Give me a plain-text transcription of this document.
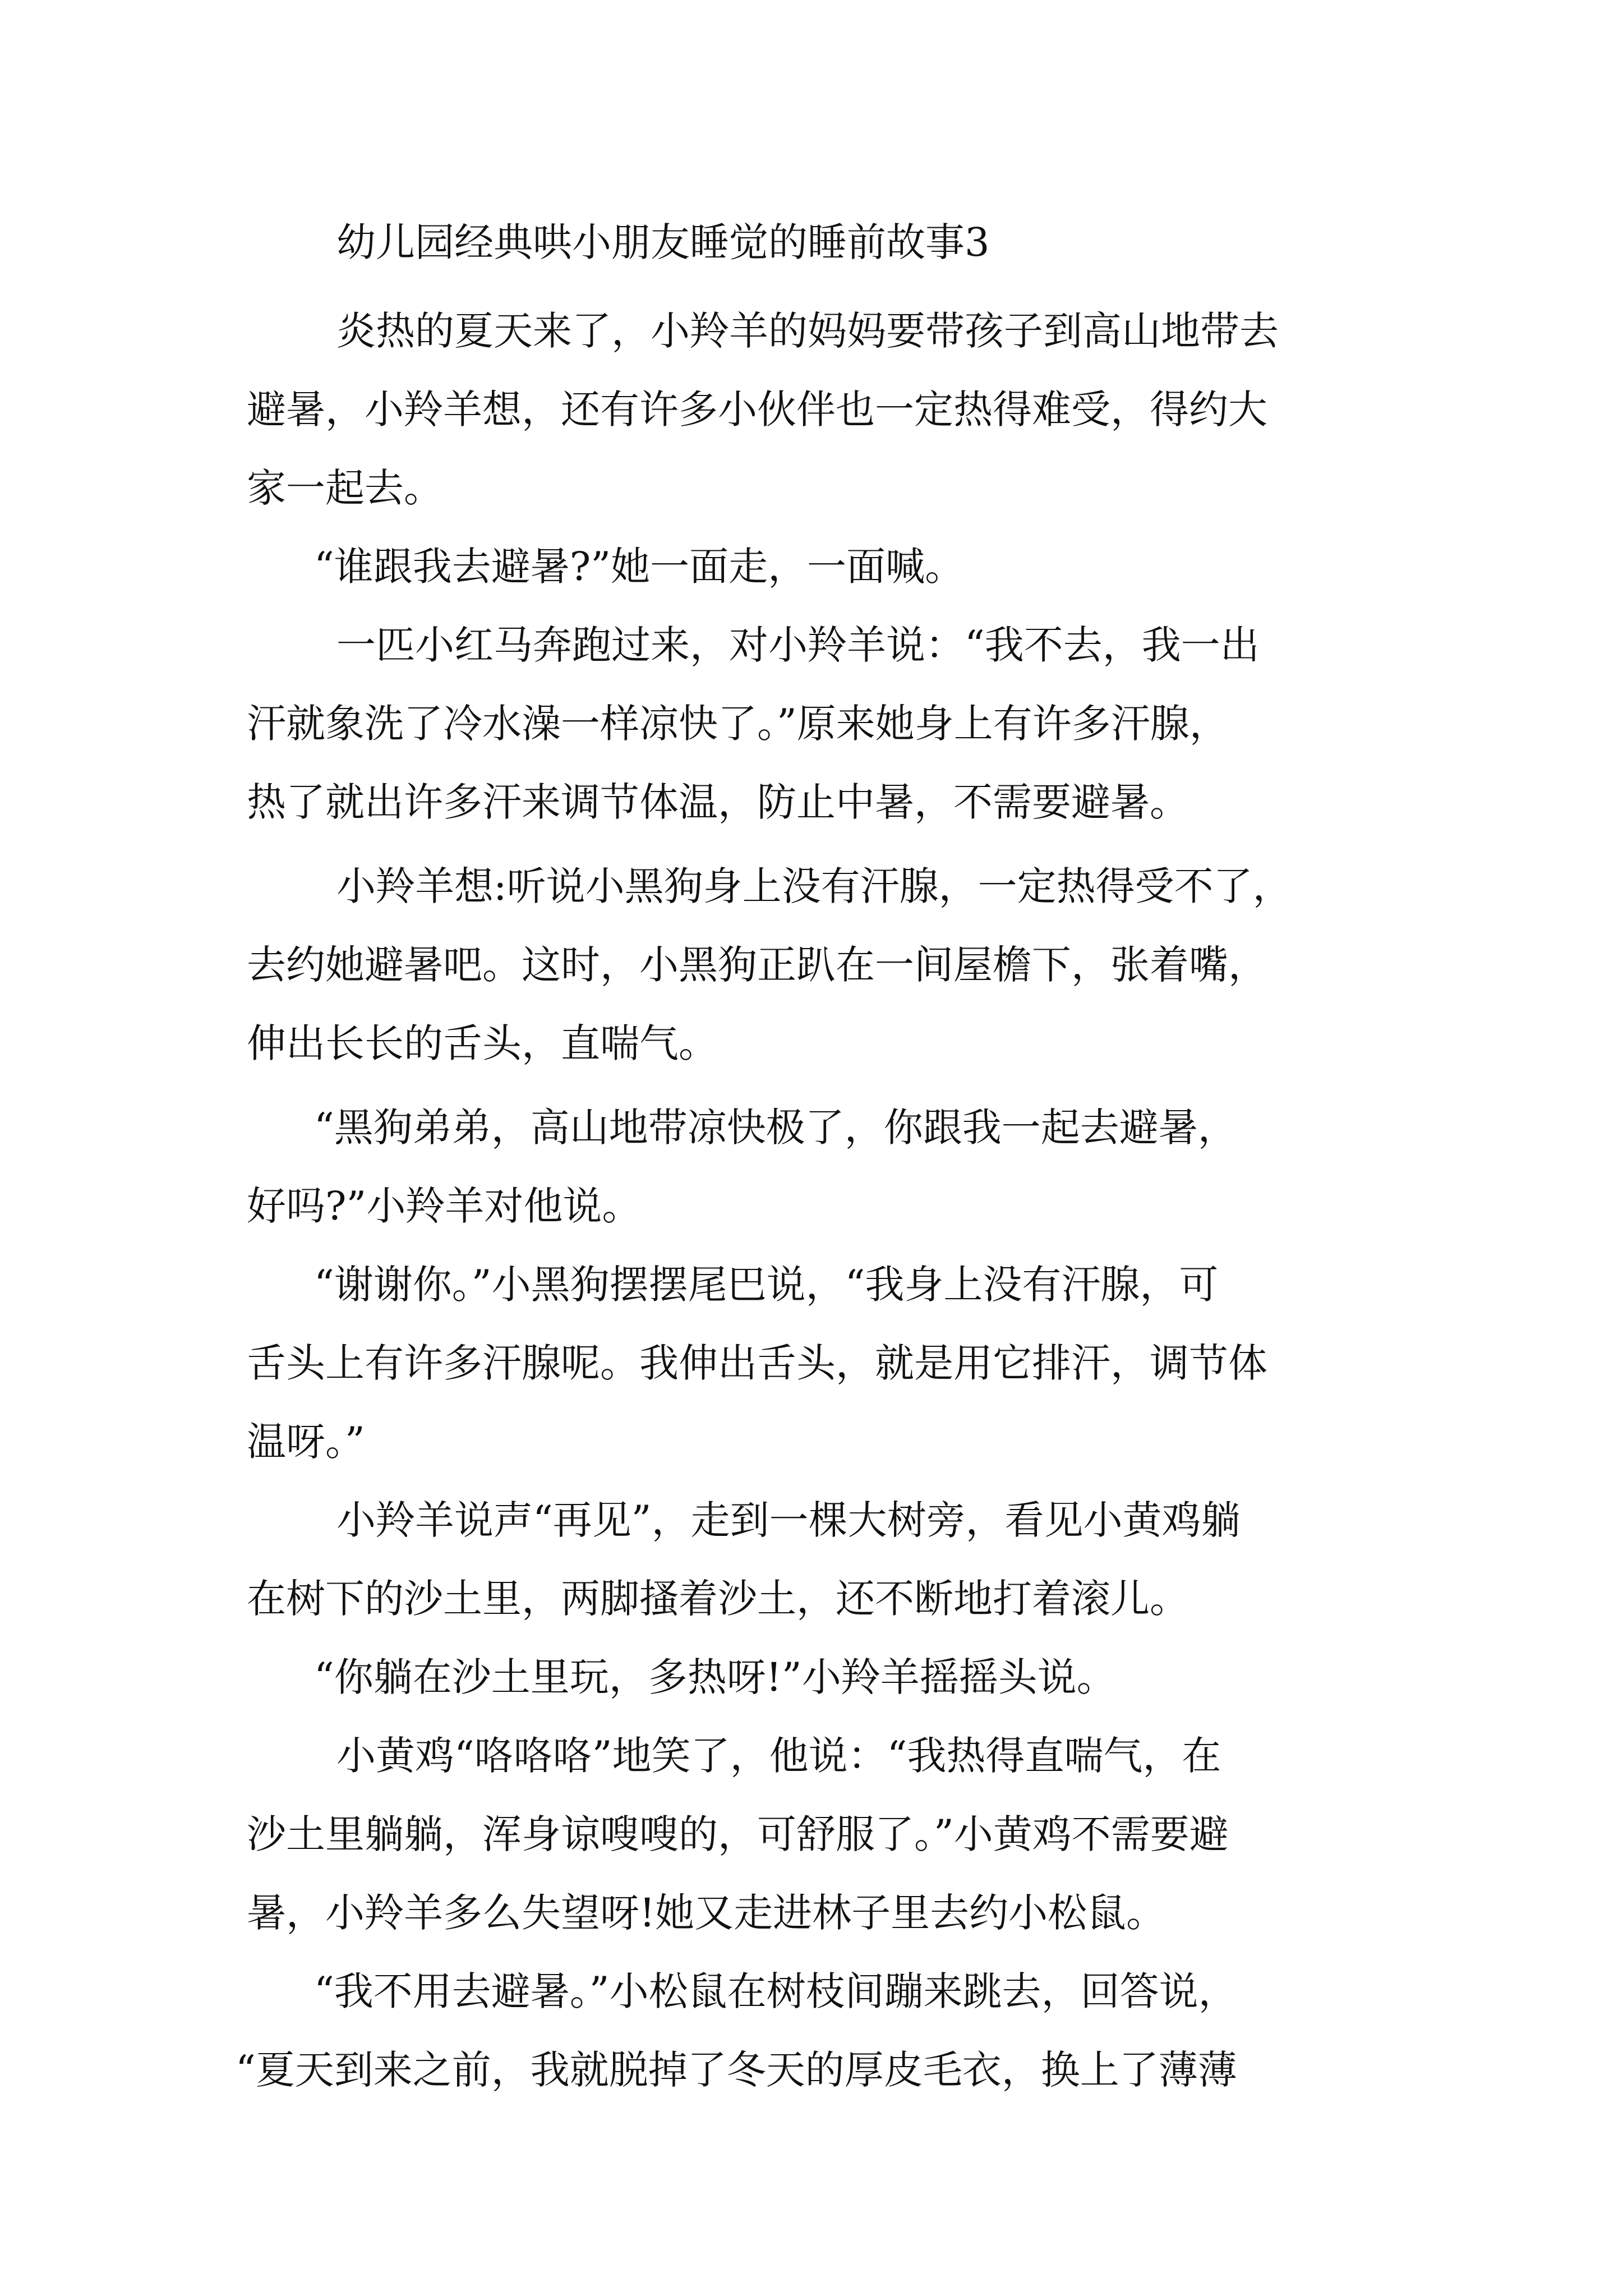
幼儿园经典哄小朋友睡觉的睡前故事3
炎热的夏天来了，小羚羊的妈妈要带孩子到高山地带去
避暑，小羚羊想，还有许多小伙伴也一定热得难受，得约大
家一起去。
“谁跟我去避暑?”她一面走，一面喊。
一匹小红马奔跑过来，对小羚羊说：“我不去，我一出
汗就象洗了冷水澡一样凉快了。”原来她身上有许多汗腺，
热了就出许多汗来调节体温，防止中暑，不需要避暑。
小羚羊想:听说小黑狗身上没有汗腺，一定热得受不了，
去约她避暑吧。这时，小黑狗正趴在一间屋檐下，张着嘴，
伸出长长的舌头，直喘气。
“黑狗弟弟，高山地带凉快极了，你跟我一起去避暑，
好吗?”小羚羊对他说。
“谢谢你。”小黑狗摆摆尾巴说，“我身上没有汗腺，可
舌头上有许多汗腺呢。我伸出舌头，就是用它排汗，调节体
温呀。”
小羚羊说声“再见”，走到一棵大树旁，看见小黄鸡躺
在树下的沙土里，两脚搔着沙土，还不断地打着滚儿。
“你躺在沙土里玩，多热呀!”小羚羊摇摇头说。
小黄鸡“咯咯咯”地笑了，他说：“我热得直喘气，在
沙土里躺躺，浑身谅嗖嗖的，可舒服了。”小黄鸡不需要避
暑，小羚羊多么失望呀!她又走进林子里去约小松鼠。
“我不用去避暑。”小松鼠在树枝间蹦来跳去，回答说，
“夏天到来之前，我就脱掉了冬天的厚皮毛衣，换上了薄薄
